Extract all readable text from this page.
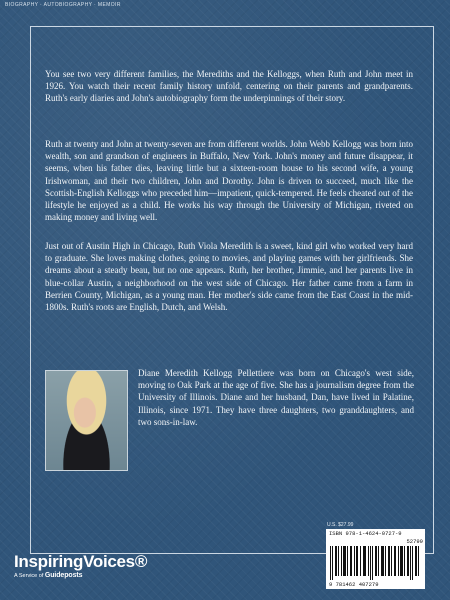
BIOGRAPHY · AUTOBIOGRAPHY · MEMOIR

You see two very different families, the Merediths and the Kelloggs, when Ruth and John meet in 1926. You watch their recent family history unfold, centering on their parents and grandparents. Ruth's early diaries and John's autobiography form the underpinnings of their story.

Ruth at twenty and John at twenty-seven are from different worlds. John Webb Kellogg was born into wealth, son and grandson of engineers in Buffalo, New York. John's money and future disappear, it seems, when his father dies, leaving little but a sixteen-room house to his second wife, a young Irishwoman, and their two children, John and Dorothy. John is driven to succeed, much like the Scottish-English Kelloggs who preceded him—impatient, quick-tempered. He feels cheated out of the lifestyle he enjoyed as a child. He works his way through the University of Michigan, riveted on making money and living well.

Just out of Austin High in Chicago, Ruth Viola Meredith is a sweet, kind girl who worked very hard to graduate. She loves making clothes, going to movies, and playing games with her girlfriends. She dreams about a steady beau, but no one appears. Ruth, her brother, Jimmie, and her parents live in blue-collar Austin, a neighborhood on the west side of Chicago. Her father came from a farm in Berrien County, Michigan, as a young man. Her mother's side came from the East Coast in the mid-1800s. Ruth's roots are English, Dutch, and Welsh.

Diane Meredith Kellogg Pellettiere was born on Chicago's west side, moving to Oak Park at the age of five. She has a journalism degree from the University of Illinois. Diane and her husband, Dan, have lived in Palatine, Illinois, since 1971. They have three daughters, two granddaughters, and two sons-in-law.

U.S. $27.99
ISBN 978-1-4624-0727-9
52799
9 781462 407279
InspiringVoices®
A Service of Guideposts
